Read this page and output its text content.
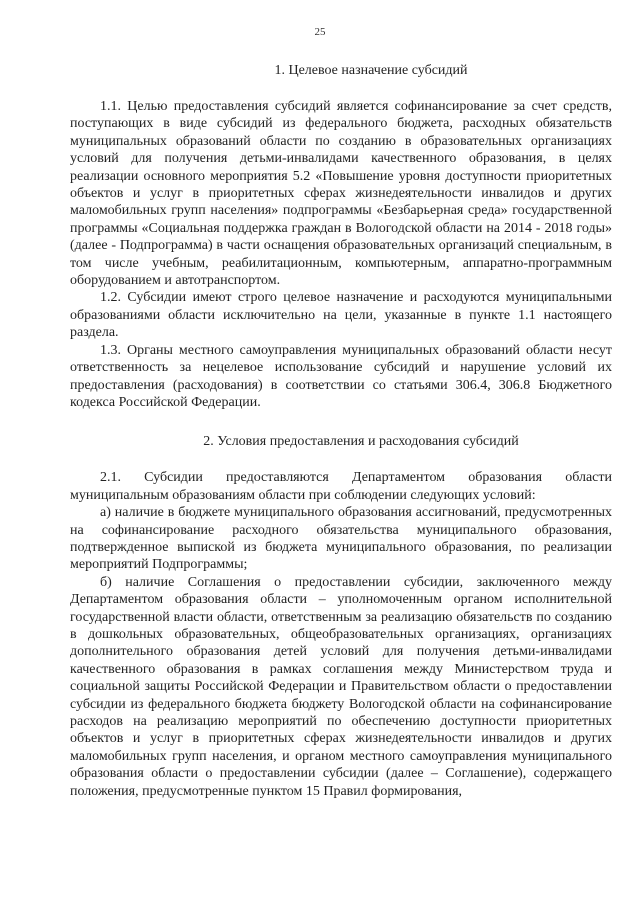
25

1. Целевое назначение субсидий

1.1. Целью предоставления субсидий является софинансирование за счет средств, поступающих в виде субсидий из федерального бюджета, расходных обязательств муниципальных образований области по созданию в образовательных организациях условий для получения детьми-инвалидами качественного образования, в целях реализации основного мероприятия 5.2 «Повышение уровня доступности приоритетных объектов и услуг в приоритетных сферах жизнедеятельности инвалидов и других маломобильных групп населения» подпрограммы «Безбарьерная среда» государственной программы «Социальная поддержка граждан в Вологодской области на 2014 - 2018 годы» (далее - Подпрограмма) в части оснащения образовательных организаций специальным, в том числе учебным, реабилитационным, компьютерным, аппаратно-программным оборудованием и автотранспортом.

1.2. Субсидии имеют строго целевое назначение и расходуются муниципальными образованиями области исключительно на цели, указанные в пункте 1.1 настоящего раздела.

1.3. Органы местного самоуправления муниципальных образований области несут ответственность за нецелевое использование субсидий и нарушение условий их предоставления (расходования) в соответствии со статьями 306.4, 306.8 Бюджетного кодекса Российской Федерации.

2. Условия предоставления и расходования субсидий

2.1. Субсидии предоставляются Департаментом образования области муниципальным образованиям области при соблюдении следующих условий:

а) наличие в бюджете муниципального образования ассигнований, предусмотренных на софинансирование расходного обязательства муниципального образования, подтвержденное выпиской из бюджета муниципального образования, по реализации мероприятий Подпрограммы;

б) наличие Соглашения о предоставлении субсидии, заключенного между Департаментом образования области – уполномоченным органом исполнительной государственной власти области, ответственным за реализацию обязательств по созданию в дошкольных образовательных, общеобразовательных организациях, организациях дополнительного образования детей условий для получения детьми-инвалидами качественного образования в рамках соглашения между Министерством труда и социальной защиты Российской Федерации и Правительством области о предоставлении субсидии из федерального бюджета бюджету Вологодской области на софинансирование расходов на реализацию мероприятий по обеспечению доступности приоритетных объектов и услуг в приоритетных сферах жизнедеятельности инвалидов и других маломобильных групп населения, и органом местного самоуправления муниципального образования области о предоставлении субсидии (далее – Соглашение), содержащего положения, предусмотренные пунктом 15 Правил формирования,
